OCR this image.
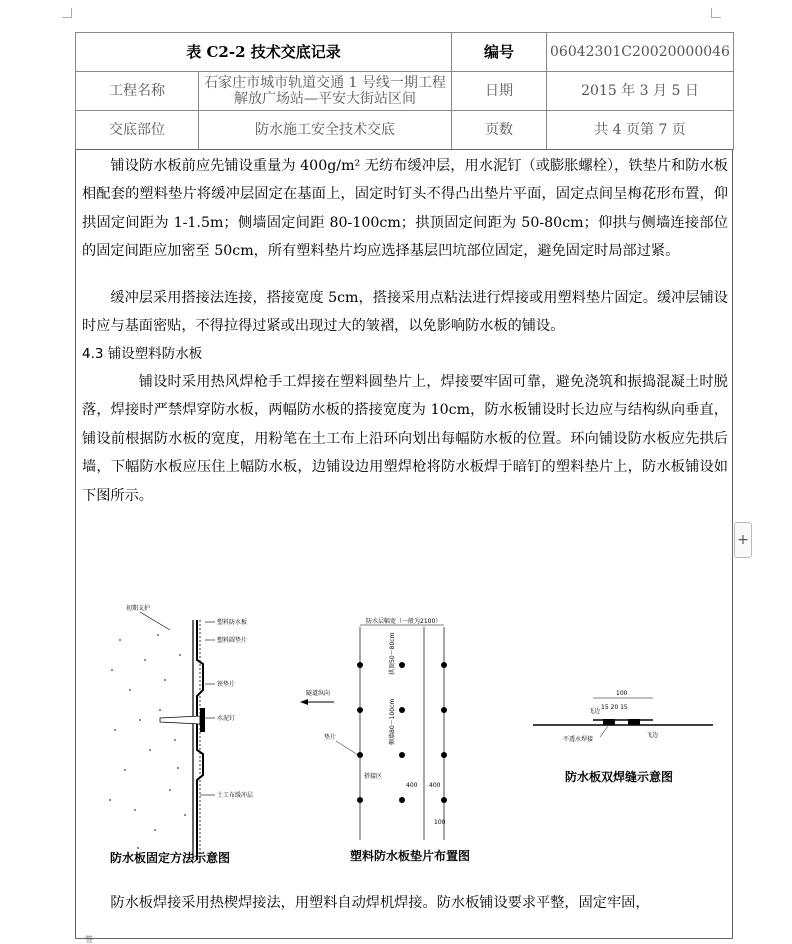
表 C2-2 技术交底记录		编号	06042301C20020000046
工程名称	石家庄市城市轨道交通 1 号线一期工程
解放广场站—平安大街站区间	日期	2015 年 3 月 5 日
交底部位	防水施工安全技术交底	页数	共 4 页第 7 页
铺设防水板前应先铺设重量为 400g/m² 无纺布缓冲层，用水泥钉（或膨胀螺栓），铁垫片和防水板相配套的塑料垫片将缓冲层固定在基面上，固定时钉头不得凸出垫片平面，固定点间呈梅花形布置，仰拱固定间距为 1-1.5m；侧墙固定间距 80-100cm；拱顶固定间距为 50-80cm；仰拱与侧墙连接部位的固定间距应加密至 50cm，所有塑料垫片均应选择基层凹坑部位固定，避免固定时局部过紧。
缓冲层采用搭接法连接，搭接宽度 5cm，搭接采用点粘法进行焊接或用塑料垫片固定。缓冲层铺设时应与基面密贴，不得拉得过紧或出现过大的皱褶，以免影响防水板的铺设。
4.3 铺设塑料防水板
铺设时采用热风焊枪手工焊接在塑料圆垫片上，焊接要牢固可靠，避免浇筑和振捣混凝土时脱落，焊接时严禁焊穿防水板，两幅防水板的搭接宽度为 10cm，防水板铺设时长边应与结构纵向垂直，铺设前根据防水板的宽度，用粉笔在土工布上沿环向划出每幅防水板的位置。环向铺设防水板应先拱后墙，下幅防水板应压住上幅防水板，边铺设边用塑焊枪将防水板焊于暗钉的塑料垫片上，防水板铺设如下图所示。
初期支护
塑料防水板
塑料圆垫片
铁垫片
水泥钉
土工布缓冲层
防水板固定方法示意图
防水层幅宽（一般为2100）
拱顶50～80cm
侧墙80～100cm
隧道纵向
垫片
搭接区
400 400
100
塑料防水板垫片布置图
100
15 20 15
不透水焊接
飞边
飞边
防水板双焊缝示意图
防水板焊接采用热楔焊接法，用塑料自动焊机焊接。防水板铺设要求平整，固定牢固，
+
签
